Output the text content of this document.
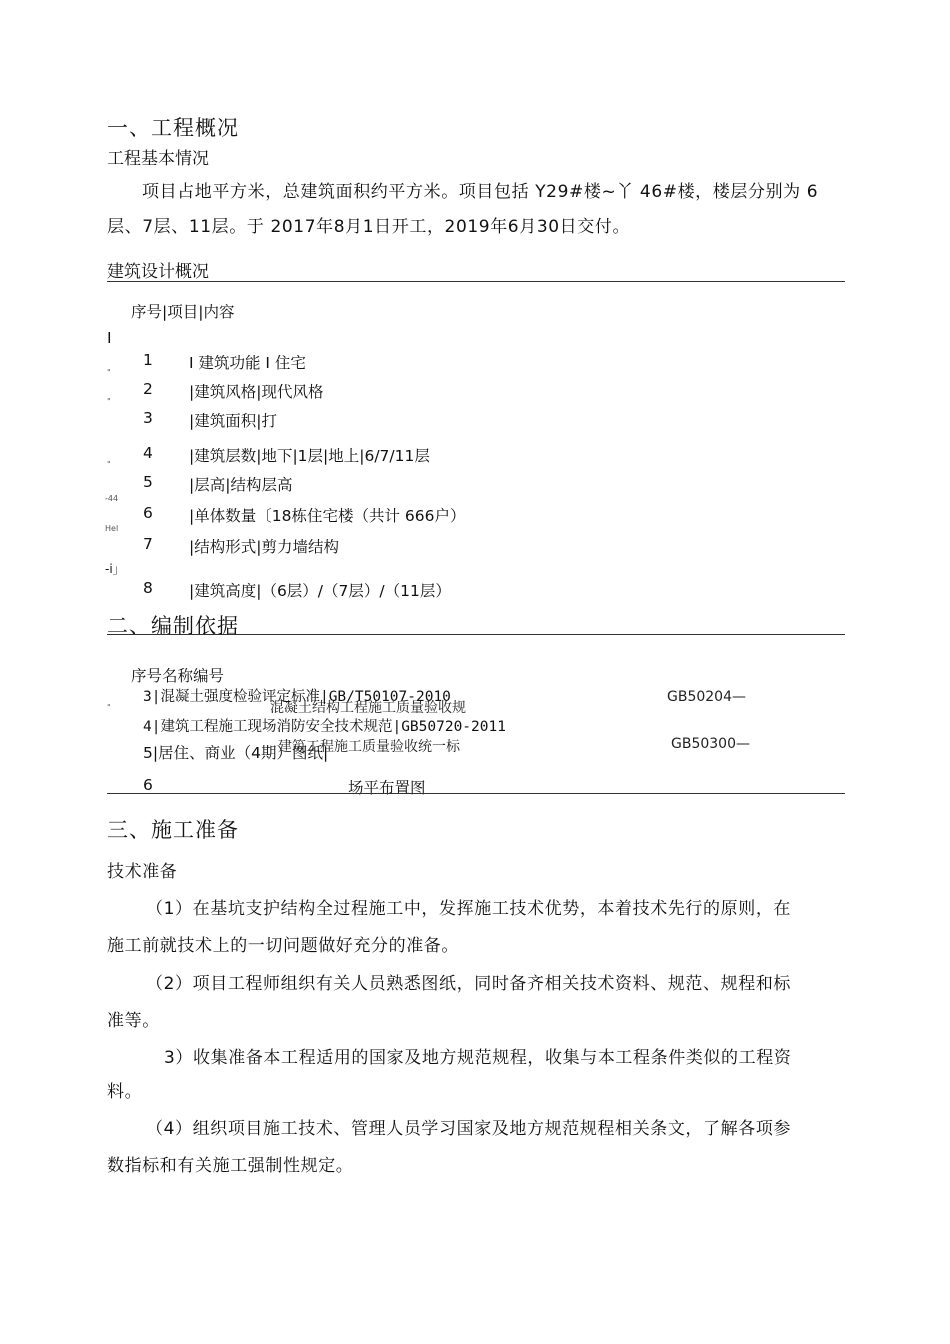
一、工程概况
工程基本情况
项目占地平方米，总建筑面积约平方米。项目包括 Y29#楼~丫 46#楼，楼层分别为 6
层、7层、11层。于 2017年8月1日开工，2019年6月30日交付。
建筑设计概况
序号|项目|内容
I
"
"
"
-44
Hel
-i」
1 I 建筑功能 I 住宅
2 |建筑风格|现代风格
3 |建筑面积|打
4 |建筑层数|地下|1层|地上|6/7/11层
5 |层高|结构层高
6 |单体数量〔18栋住宅楼（共计 666户）
7 |结构形式|剪力墙结构
8 |建筑高度|（6层）/（7层）/（11层）
二、编制依据
序号名称编号
混凝土结构工程施工质量验收规
GB50204—
3|混凝土强度检验评定标准|GB/T50107-2010
"
4|建筑工程施工现场消防安全技术规范|GB50720-2011
建筑工程施工质量验收统一标	GB50300—
5|居住、商业（4期）图纸|
6	场平布置图
三、施工准备
技术准备
（1）在基坑支护结构全过程施工中，发挥施工技术优势，本着技术先行的原则，在
施工前就技术上的一切问题做好充分的准备。
（2）项目工程师组织有关人员熟悉图纸，同时备齐相关技术资料、规范、规程和标
准等。
3）收集准备本工程适用的国家及地方规范规程，收集与本工程条件类似的工程资
料。
（4）组织项目施工技术、管理人员学习国家及地方规范规程相关条文，了解各项参
数指标和有关施工强制性规定。
